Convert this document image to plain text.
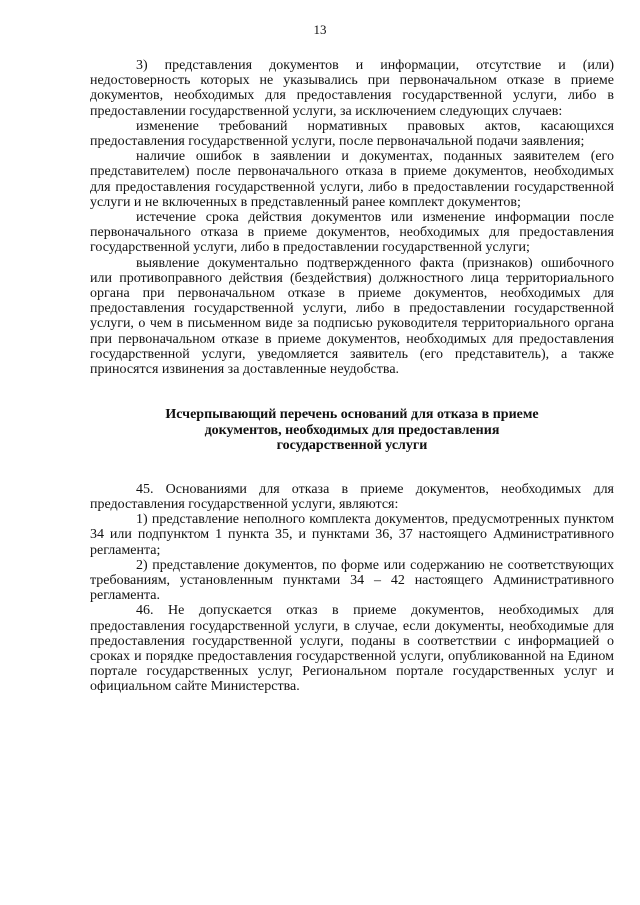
13

3) представления документов и информации, отсутствие и (или) недостоверность которых не указывались при первоначальном отказе в приеме документов, необходимых для предоставления государственной услуги, либо в предоставлении государственной услуги, за исключением следующих случаев:

изменение требований нормативных правовых актов, касающихся предоставления государственной услуги, после первоначальной подачи заявления;

наличие ошибок в заявлении и документах, поданных заявителем (его представителем) после первоначального отказа в приеме документов, необходимых для предоставления государственной услуги, либо в предоставлении государственной услуги и не включенных в представленный ранее комплект документов;

истечение срока действия документов или изменение информации после первоначального отказа в приеме документов, необходимых для предоставления государственной услуги, либо в предоставлении государственной услуги;

выявление документально подтвержденного факта (признаков) ошибочного или противоправного действия (бездействия) должностного лица территориального органа при первоначальном отказе в приеме документов, необходимых для предоставления государственной услуги, либо в предоставлении государственной услуги, о чем в письменном виде за подписью руководителя территориального органа при первоначальном отказе в приеме документов, необходимых для предоставления государственной услуги, уведомляется заявитель (его представитель), а также приносятся извинения за доставленные неудобства.

Исчерпывающий перечень оснований для отказа в приеме
документов, необходимых для предоставления
государственной услуги

45. Основаниями для отказа в приеме документов, необходимых для предоставления государственной услуги, являются:

1) представление неполного комплекта документов, предусмотренных пунктом 34 или подпунктом 1 пункта 35, и пунктами 36, 37 настоящего Административного регламента;

2) представление документов, по форме или содержанию не соответствующих требованиям, установленным пунктами 34 – 42 настоящего Административного регламента.

46. Не допускается отказ в приеме документов, необходимых для предоставления государственной услуги, в случае, если документы, необходимые для предоставления государственной услуги, поданы в соответствии с информацией о сроках и порядке предоставления государственной услуги, опубликованной на Едином портале государственных услуг, Региональном портале государственных услуг и официальном сайте Министерства.
